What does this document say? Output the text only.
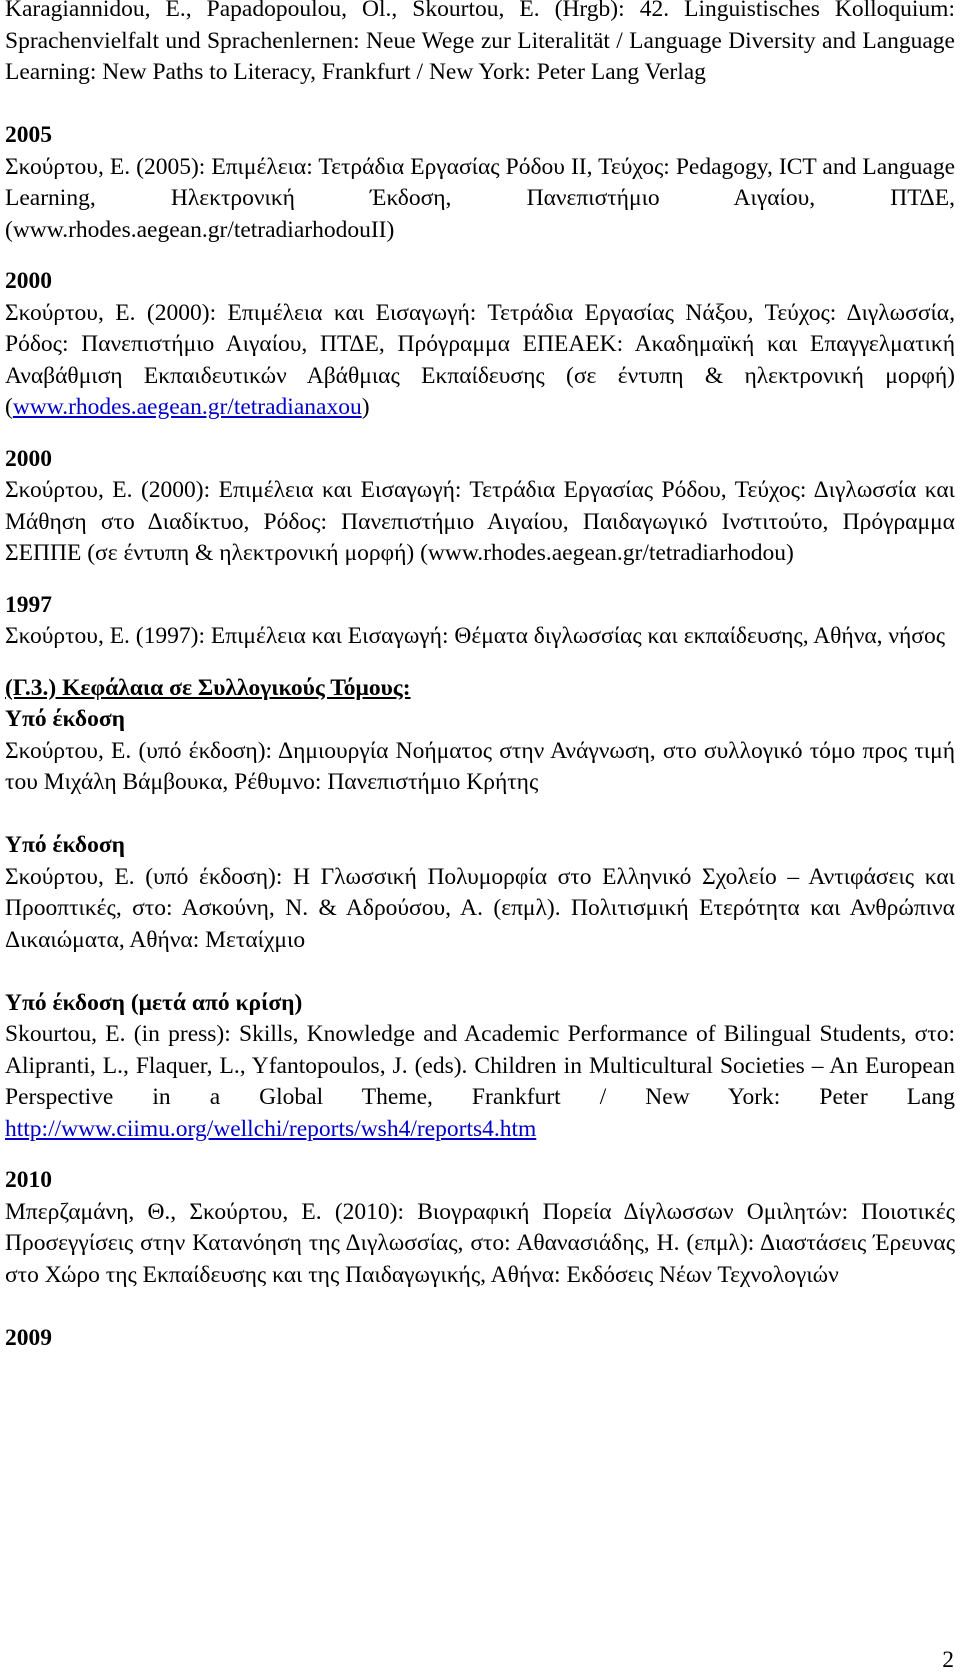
Karagiannidou, E., Papadopoulou, Ol., Skourtou, E. (Hrgb): 42. Linguistisches Kolloquium: Sprachenvielfalt und Sprachenlernen: Neue Wege zur Literalität / Language Diversity and Language Learning: New Paths to Literacy, Frankfurt / New York: Peter Lang Verlag
2005
Σκούρτου, Ε. (2005): Επιμέλεια: Τετράδια Εργασίας Ρόδου ΙΙ, Τεύχος: Pedagogy, ICT and Language Learning, Ηλεκτρονική Έκδοση, Πανεπιστήμιο Αιγαίου, ΠΤΔΕ, (www.rhodes.aegean.gr/tetradiarhodouII)
2000
Σκούρτου, Ε. (2000): Επιμέλεια και Εισαγωγή: Τετράδια Εργασίας Νάξου, Τεύχος: Διγλωσσία, Ρόδος: Πανεπιστήμιο Αιγαίου, ΠΤΔΕ, Πρόγραμμα ΕΠΕΑΕΚ: Ακαδημαϊκή και Επαγγελματική Αναβάθμιση Εκπαιδευτικών Αβάθμιας Εκπαίδευσης (σε έντυπη & ηλεκτρονική μορφή) (www.rhodes.aegean.gr/tetradianaxou)
2000
Σκούρτου, Ε. (2000): Επιμέλεια και Εισαγωγή: Τετράδια Εργασίας Ρόδου, Τεύχος: Διγλωσσία και Μάθηση στο Διαδίκτυο, Ρόδος: Πανεπιστήμιο Αιγαίου, Παιδαγωγικό Ινστιτούτο, Πρόγραμμα ΣΕΠΠΕ (σε έντυπη & ηλεκτρονική μορφή) (www.rhodes.aegean.gr/tetradiarhodou)
1997
Σκούρτου, Ε. (1997): Επιμέλεια και Εισαγωγή: Θέματα διγλωσσίας και εκπαίδευσης, Αθήνα, νήσος
(Γ.3.) Κεφάλαια σε Συλλογικούς Τόμους:
Υπό έκδοση
Σκούρτου, Ε. (υπό έκδοση): Δημιουργία Νοήματος στην Ανάγνωση, στο συλλογικό τόμο προς τιμή του Μιχάλη Βάμβουκα, Ρέθυμνο: Πανεπιστήμιο Κρήτης
Υπό έκδοση
Σκούρτου, Ε. (υπό έκδοση): Η Γλωσσική Πολυμορφία στο Ελληνικό Σχολείο – Αντιφάσεις και Προοπτικές, στο: Ασκούνη, Ν. & Αδρούσου, Α. (επμλ). Πολιτισμική Ετερότητα και Ανθρώπινα Δικαιώματα, Αθήνα: Μεταίχμιο
Υπό έκδοση (μετά από κρίση)
Skourtou, E. (in press): Skills, Knowledge and Academic Performance of Bilingual Students, στο: Alipranti, L., Flaquer, L., Yfantopoulos, J. (eds). Children in Multicultural Societies – An European Perspective in a Global Theme, Frankfurt / New York: Peter Lang http://www.ciimu.org/wellchi/reports/wsh4/reports4.htm
2010
Μπερζαμάνη, Θ., Σκούρτου, Ε. (2010): Βιογραφική Πορεία Δίγλωσσων Ομιλητών: Ποιοτικές Προσεγγίσεις στην Κατανόηση της Διγλωσσίας, στο: Αθανασιάδης, Η. (επμλ): Διαστάσεις Έρευνας στο Χώρο της Εκπαίδευσης και της Παιδαγωγικής, Αθήνα: Εκδόσεις Νέων Τεχνολογιών
2009
2
